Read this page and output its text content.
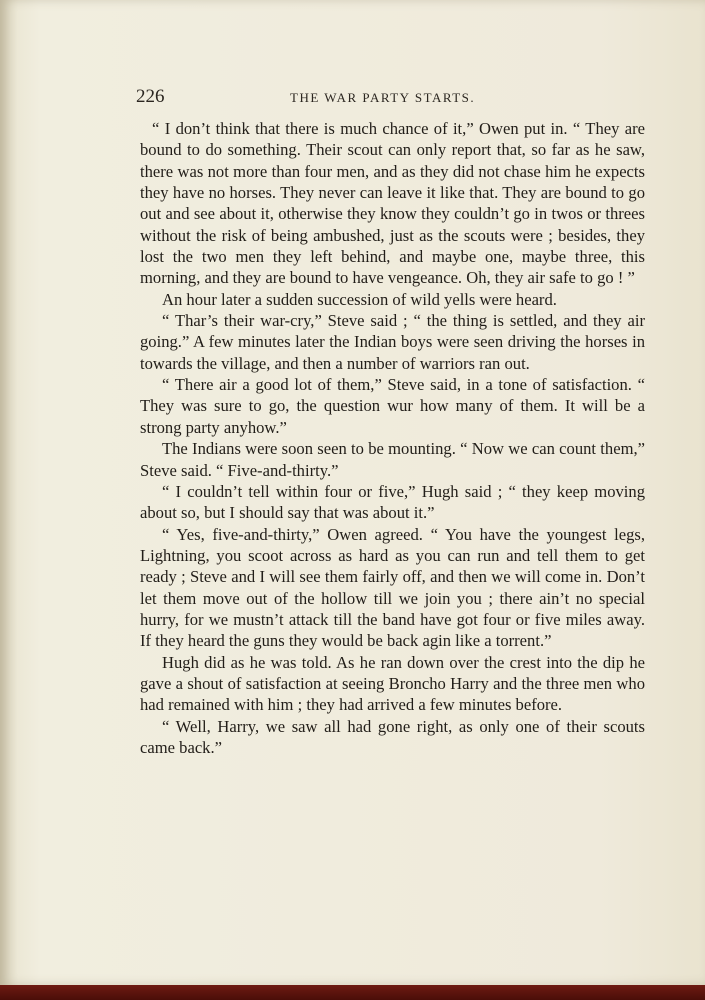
226	THE WAR PARTY STARTS.

“ I don’t think that there is much chance of it,” Owen put in. “ They are bound to do something. Their scout can only report that, so far as he saw, there was not more than four men, and as they did not chase him he expects they have no horses. They never can leave it like that. They are bound to go out and see about it, otherwise they know they couldn’t go in twos or threes without the risk of being ambushed, just as the scouts were ; besides, they lost the two men they left behind, and maybe one, maybe three, this morning, and they are bound to have vengeance. Oh, they air safe to go ! ”

An hour later a sudden succession of wild yells were heard.

“ Thar’s their war-cry,” Steve said ; “ the thing is settled, and they air going.” A few minutes later the Indian boys were seen driving the horses in towards the village, and then a number of warriors ran out.

“ There air a good lot of them,” Steve said, in a tone of satisfaction. “ They was sure to go, the question wur how many of them. It will be a strong party anyhow.”

The Indians were soon seen to be mounting. “ Now we can count them,” Steve said. “ Five-and-thirty.”

“ I couldn’t tell within four or five,” Hugh said ; “ they keep moving about so, but I should say that was about it.”

“ Yes, five-and-thirty,” Owen agreed. “ You have the youngest legs, Lightning, you scoot across as hard as you can run and tell them to get ready ; Steve and I will see them fairly off, and then we will come in. Don’t let them move out of the hollow till we join you ; there ain’t no special hurry, for we mustn’t attack till the band have got four or five miles away. If they heard the guns they would be back agin like a torrent.”

Hugh did as he was told. As he ran down over the crest into the dip he gave a shout of satisfaction at seeing Broncho Harry and the three men who had remained with him ; they had arrived a few minutes before.

“ Well, Harry, we saw all had gone right, as only one of their scouts came back.”
